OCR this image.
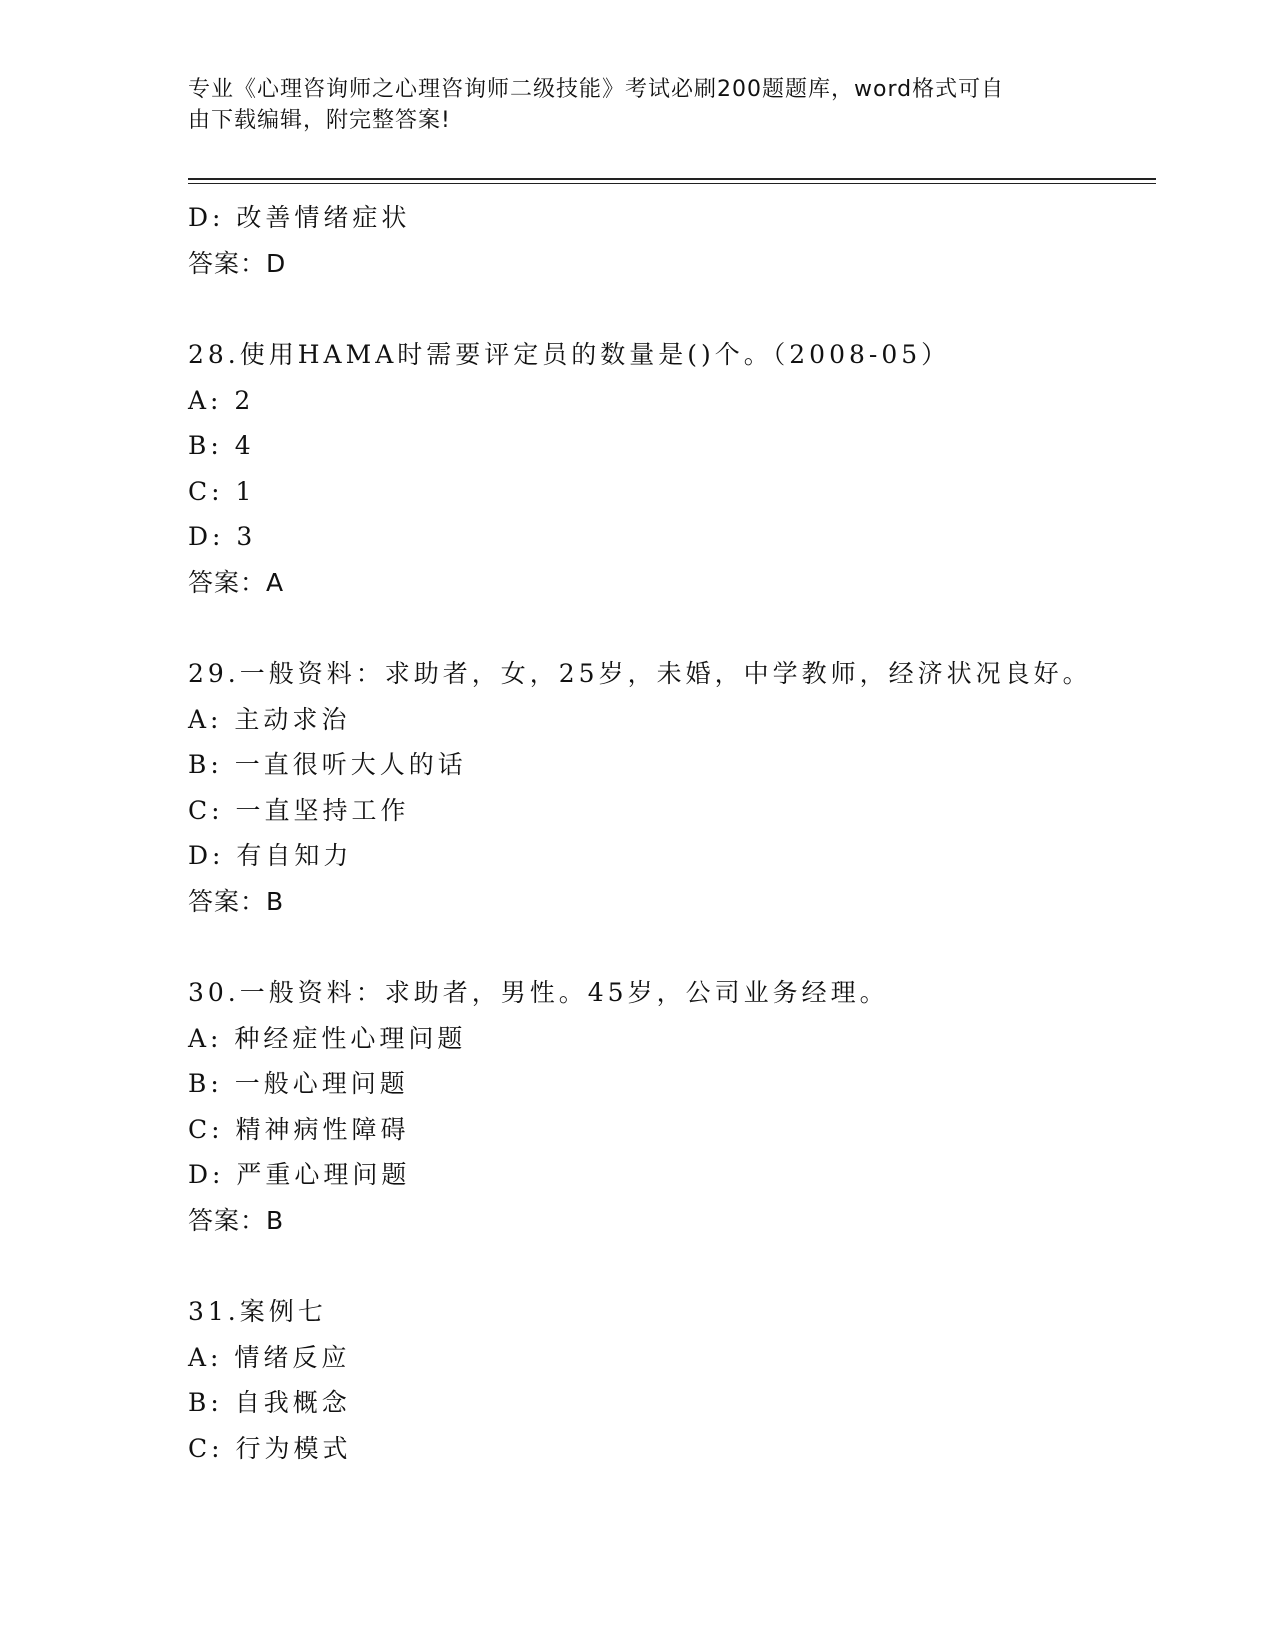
专业《心理咨询师之心理咨询师二级技能》考试必刷200题题库，word格式可自
由下载编辑，附完整答案!
D: 改善情绪症状
答案：D
28.使用HAMA时需要评定员的数量是()个。（2008-05）
A: 2
B: 4
C: 1
D: 3
答案：A
29.一般资料：求助者，女，25岁，未婚，中学教师，经济状况良好。
A: 主动求治
B: 一直很听大人的话
C: 一直坚持工作
D: 有自知力
答案：B
30.一般资料：求助者，男性。45岁，公司业务经理。
A: 种经症性心理问题
B: 一般心理问题
C: 精神病性障碍
D: 严重心理问题
答案：B
31.案例七
A: 情绪反应
B: 自我概念
C: 行为模式
